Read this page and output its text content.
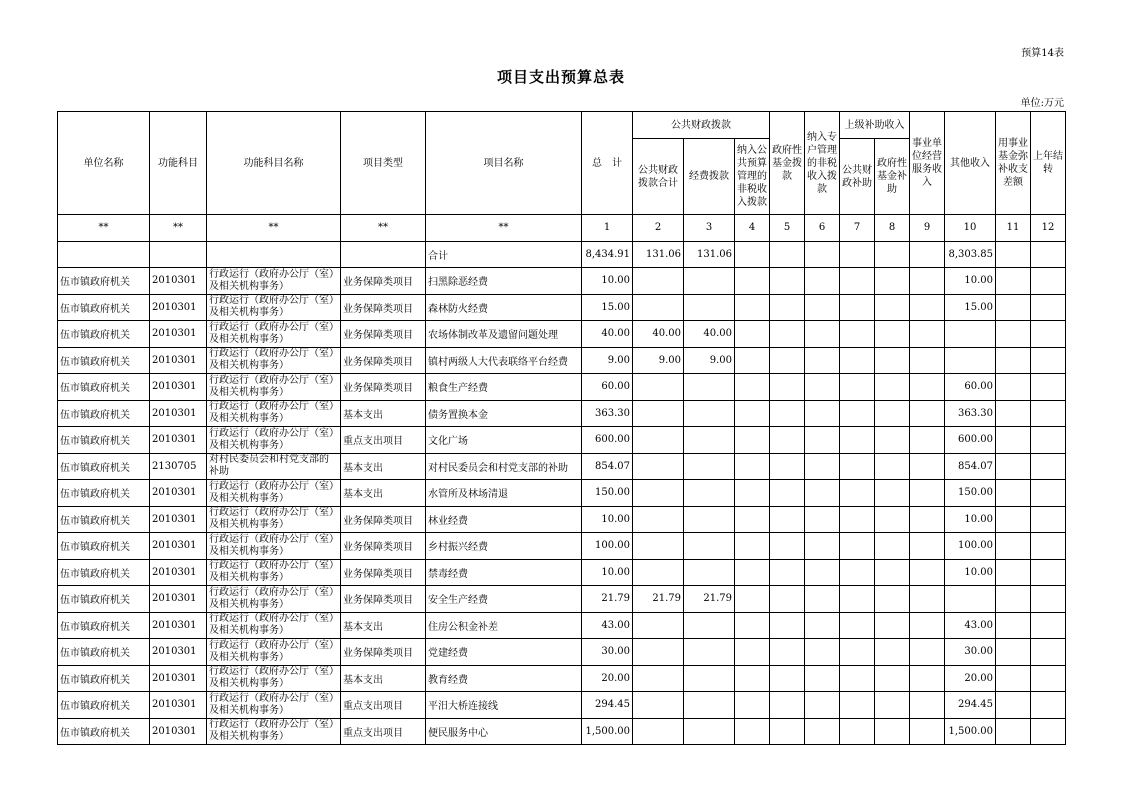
预算14表
项目支出预算总表
单位:万元
单位名称	功能科目	功能科目名称	项目类型	项目名称	总　计	公共财政拨款			政府性基金拨款	纳入专户管理的非税收入拨款	上级补助收入		事业单位经营服务收入	其他收入	用事业基金弥补收支差额	上年结转
						公共财政拨款合计	经费拨款	纳入公共预算管理的非税收入拨款			公共财政补助	政府性基金补助				
**	**	**	**	**	1	2	3	4	5	6	7	8	9	10	11	12
				合计	8,434.91	131.06	131.06							8,303.85		
伍市镇政府机关	2010301	行政运行（政府办公厅（室）及相关机构事务）	业务保障类项目	扫黑除恶经费	10.00									10.00		
伍市镇政府机关	2010301	行政运行（政府办公厅（室）及相关机构事务）	业务保障类项目	森林防火经费	15.00									15.00		
伍市镇政府机关	2010301	行政运行（政府办公厅（室）及相关机构事务）	业务保障类项目	农场体制改革及遗留问题处理	40.00	40.00	40.00									
伍市镇政府机关	2010301	行政运行（政府办公厅（室）及相关机构事务）	业务保障类项目	镇村两级人大代表联络平台经费	9.00	9.00	9.00									
伍市镇政府机关	2010301	行政运行（政府办公厅（室）及相关机构事务）	业务保障类项目	粮食生产经费	60.00									60.00		
伍市镇政府机关	2010301	行政运行（政府办公厅（室）及相关机构事务）	基本支出	债务置换本金	363.30									363.30		
伍市镇政府机关	2010301	行政运行（政府办公厅（室）及相关机构事务）	重点支出项目	文化广场	600.00									600.00		
伍市镇政府机关	2130705	对村民委员会和村党支部的补助	基本支出	对村民委员会和村党支部的补助	854.07									854.07		
伍市镇政府机关	2010301	行政运行（政府办公厅（室）及相关机构事务）	基本支出	水管所及林场清退	150.00									150.00		
伍市镇政府机关	2010301	行政运行（政府办公厅（室）及相关机构事务）	业务保障类项目	林业经费	10.00									10.00		
伍市镇政府机关	2010301	行政运行（政府办公厅（室）及相关机构事务）	业务保障类项目	乡村振兴经费	100.00									100.00		
伍市镇政府机关	2010301	行政运行（政府办公厅（室）及相关机构事务）	业务保障类项目	禁毒经费	10.00									10.00		
伍市镇政府机关	2010301	行政运行（政府办公厅（室）及相关机构事务）	业务保障类项目	安全生产经费	21.79	21.79	21.79									
伍市镇政府机关	2010301	行政运行（政府办公厅（室）及相关机构事务）	基本支出	住房公积金补差	43.00									43.00		
伍市镇政府机关	2010301	行政运行（政府办公厅（室）及相关机构事务）	业务保障类项目	党建经费	30.00									30.00		
伍市镇政府机关	2010301	行政运行（政府办公厅（室）及相关机构事务）	基本支出	教育经费	20.00									20.00		
伍市镇政府机关	2010301	行政运行（政府办公厅（室）及相关机构事务）	重点支出项目	平汨大桥连接线	294.45									294.45		
伍市镇政府机关	2010301	行政运行（政府办公厅（室）及相关机构事务）	重点支出项目	便民服务中心	1,500.00									1,500.00		
